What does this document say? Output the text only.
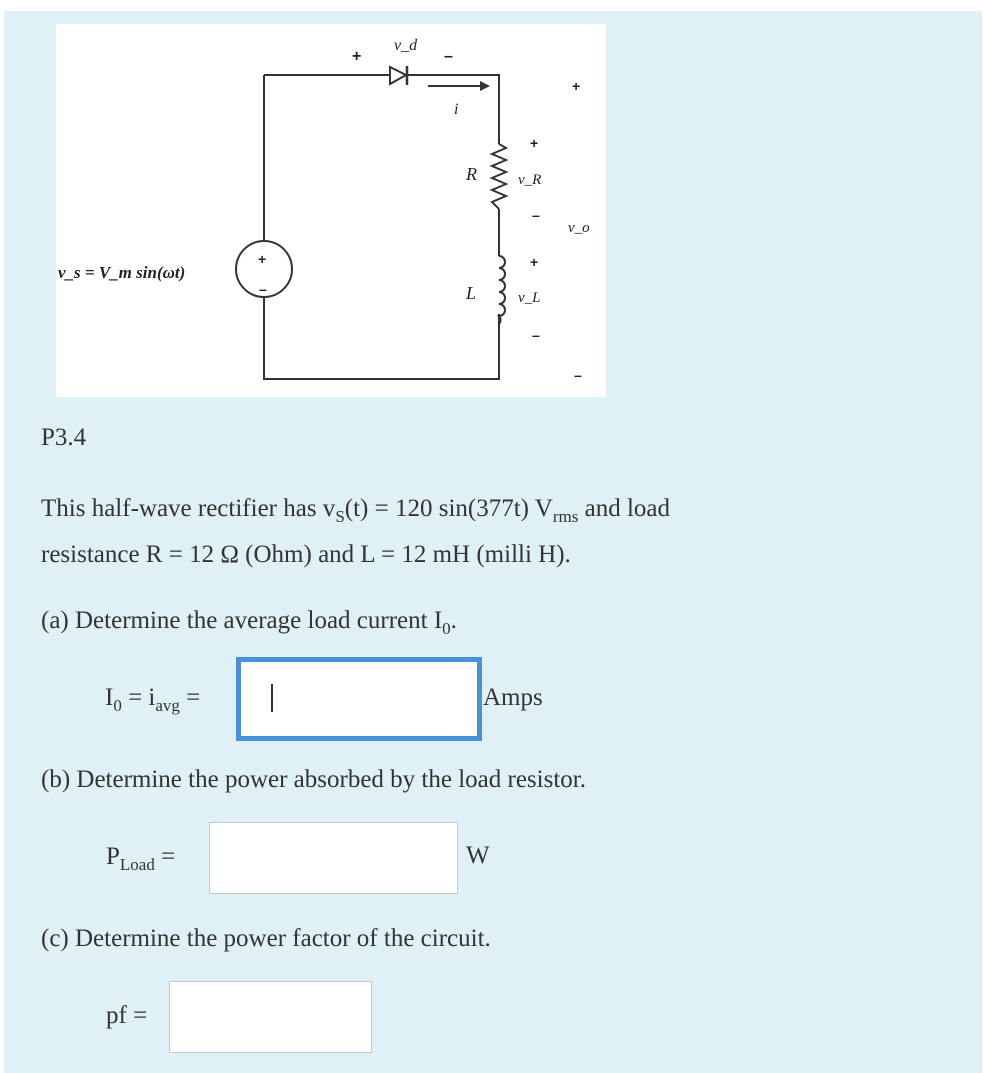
+	–
+
–
+
–
+
–
+
–
v_d
i
R	v_R
L	v_L
v_o
v_s = V_m sin(ωt)
P3.4
This half-wave rectifier has $v_S(t) = 120$ sin(377t) $V_{rms}$ and load
resistance R = 12 Ω (Ohm) and L = 12 mH (milli H).
(a) Determine the average load current $I_0$.
$I_0 = i_{avg}$ =	Amps
(b) Determine the power absorbed by the load resistor.
$P_{Load}$ =	W
(c) Determine the power factor of the circuit.
pf =
